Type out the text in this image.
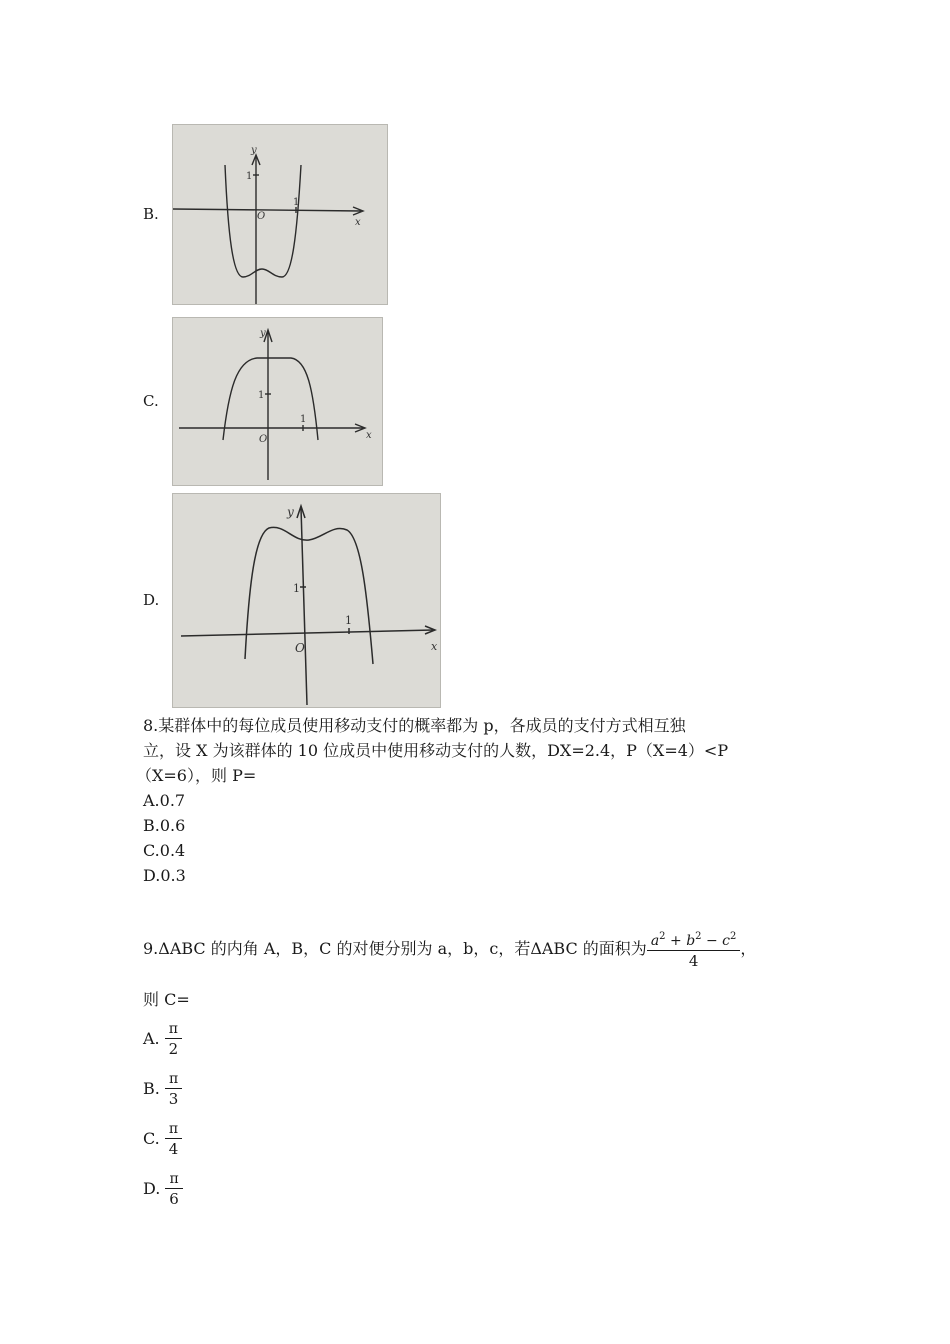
B.
y
x
O
1
1
C.
y
x
O
1
1
D.
y
x
O
1
1
8.某群体中的每位成员使用移动支付的概率都为 p，各成员的支付方式相互独
立，设 X 为该群体的 10 位成员中使用移动支付的人数，DX=2.4，P（X=4）<P
（X=6），则 P=
A.0.7
B.0.6
C.0.4
D.0.3
9.ΔABC 的内角 A，B，C 的对便分别为 a，b，c，若ΔABC 的面积为 $\frac{a^2 + b^2 - c^2}{4}$ ，
则 C=
A. $\frac{\pi}{2}$
B. $\frac{\pi}{3}$
C. $\frac{\pi}{4}$
D. $\frac{\pi}{6}$
